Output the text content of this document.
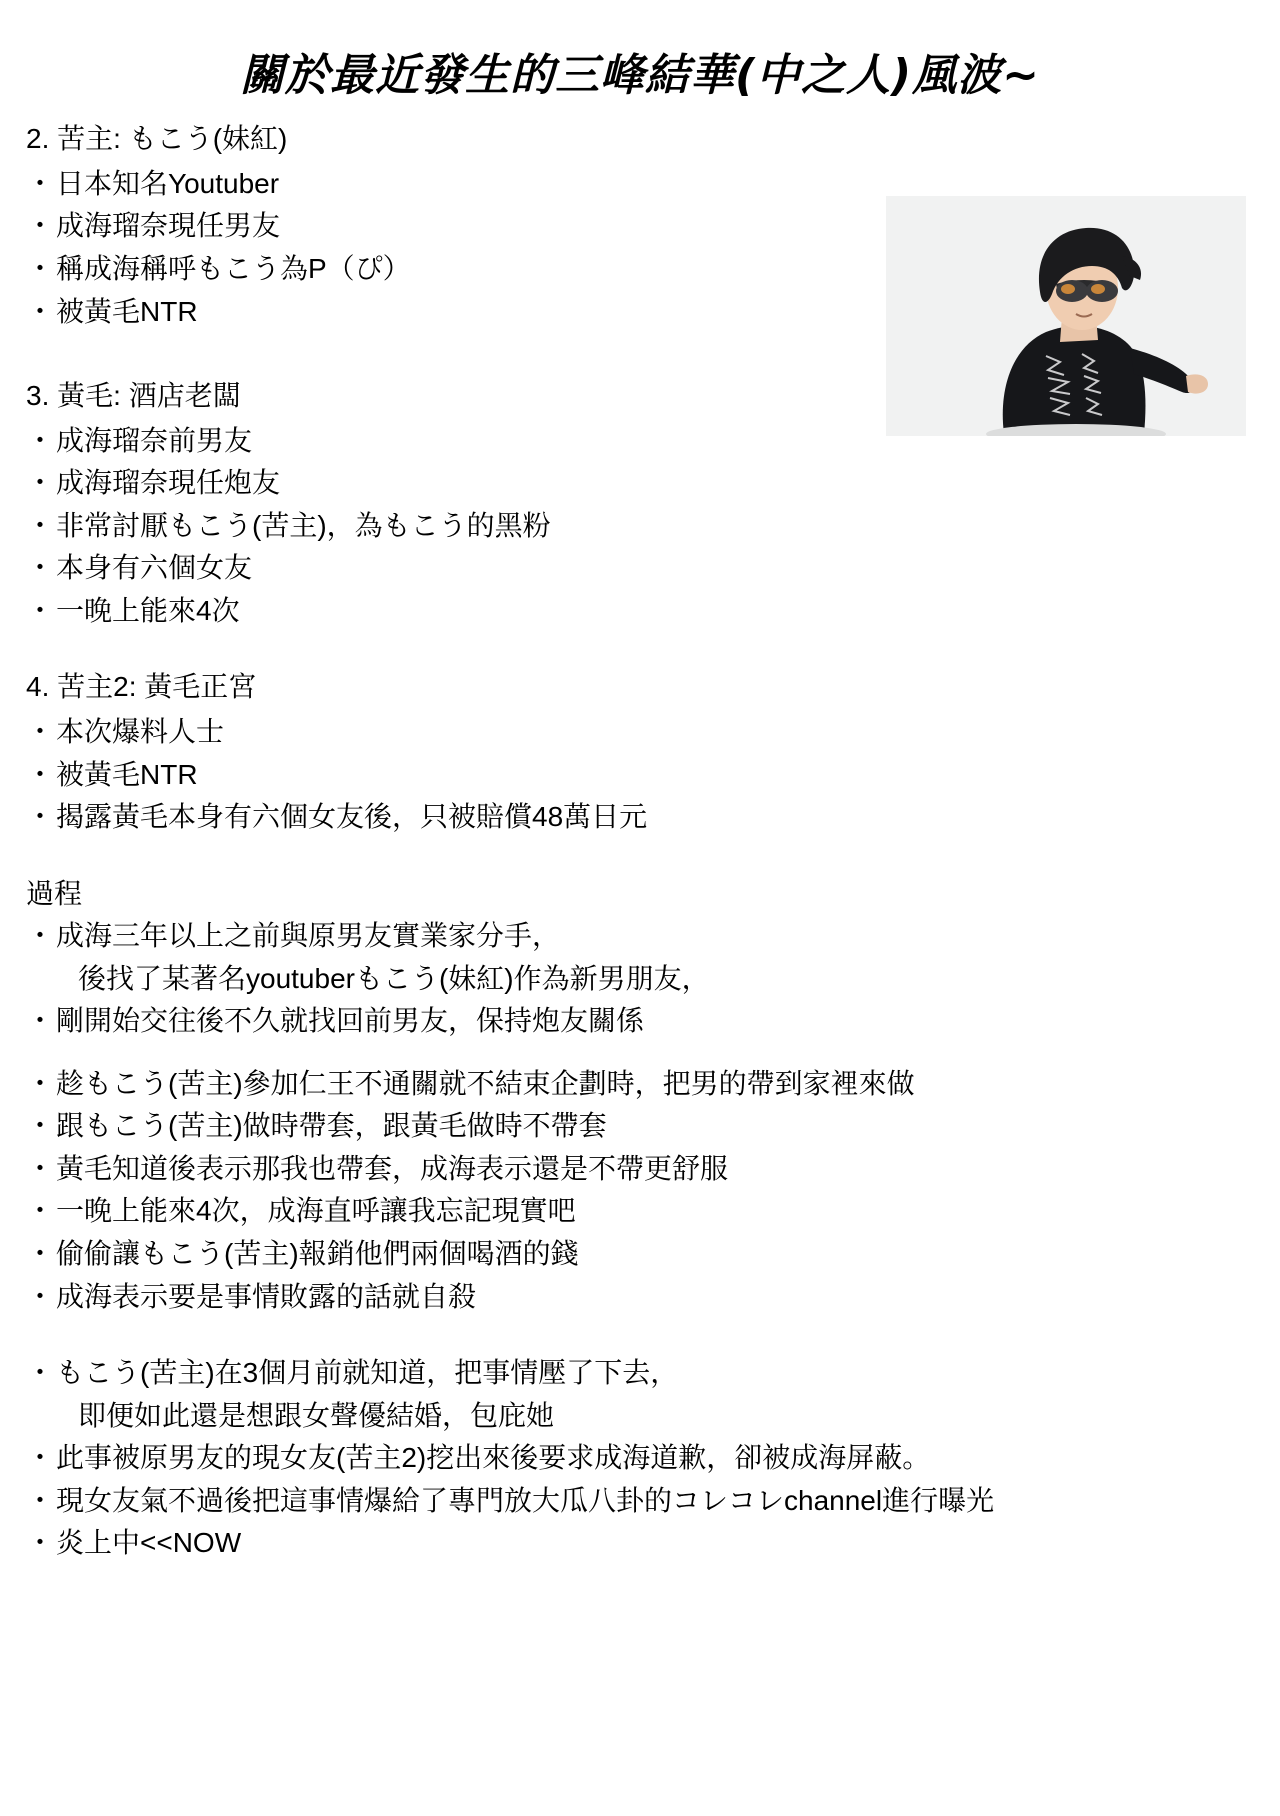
關於最近發生的三峰結華(中之人)風波~

2. 苦主: もこう(妹紅)

・ 日本知名Youtuber
・ 成海瑠奈現任男友
・ 稱成海稱呼もこう為P（ぴ）
・ 被黃毛NTR

3. 黃毛: 酒店老闆

・ 成海瑠奈前男友
・ 成海瑠奈現任炮友
・ 非常討厭もこう(苦主)，為もこう的黑粉
・ 本身有六個女友
・ 一晚上能來4次

4. 苦主2: 黃毛正宮

・ 本次爆料人士
・ 被黃毛NTR
・ 揭露黃毛本身有六個女友後，只被賠償48萬日元

過程

・ 成海三年以上之前與原男友實業家分手，
後找了某著名youtuberもこう(妹紅)作為新男朋友，
・ 剛開始交往後不久就找回前男友，保持炮友關係
・ 趁もこう(苦主)參加仁王不通關就不結束企劃時，把男的帶到家裡來做
・ 跟もこう(苦主)做時帶套，跟黃毛做時不帶套
・ 黃毛知道後表示那我也帶套，成海表示還是不帶更舒服
・ 一晚上能來4次，成海直呼讓我忘記現實吧
・ 偷偷讓もこう(苦主)報銷他們兩個喝酒的錢
・ 成海表示要是事情敗露的話就自殺
・ もこう(苦主)在3個月前就知道，把事情壓了下去，
即便如此還是想跟女聲優結婚，包庇她
・ 此事被原男友的現女友(苦主2)挖出來後要求成海道歉，卻被成海屏蔽。
・ 現女友氣不過後把這事情爆給了專門放大瓜八卦的コレコレchannel進行曝光
・ 炎上中<<NOW
